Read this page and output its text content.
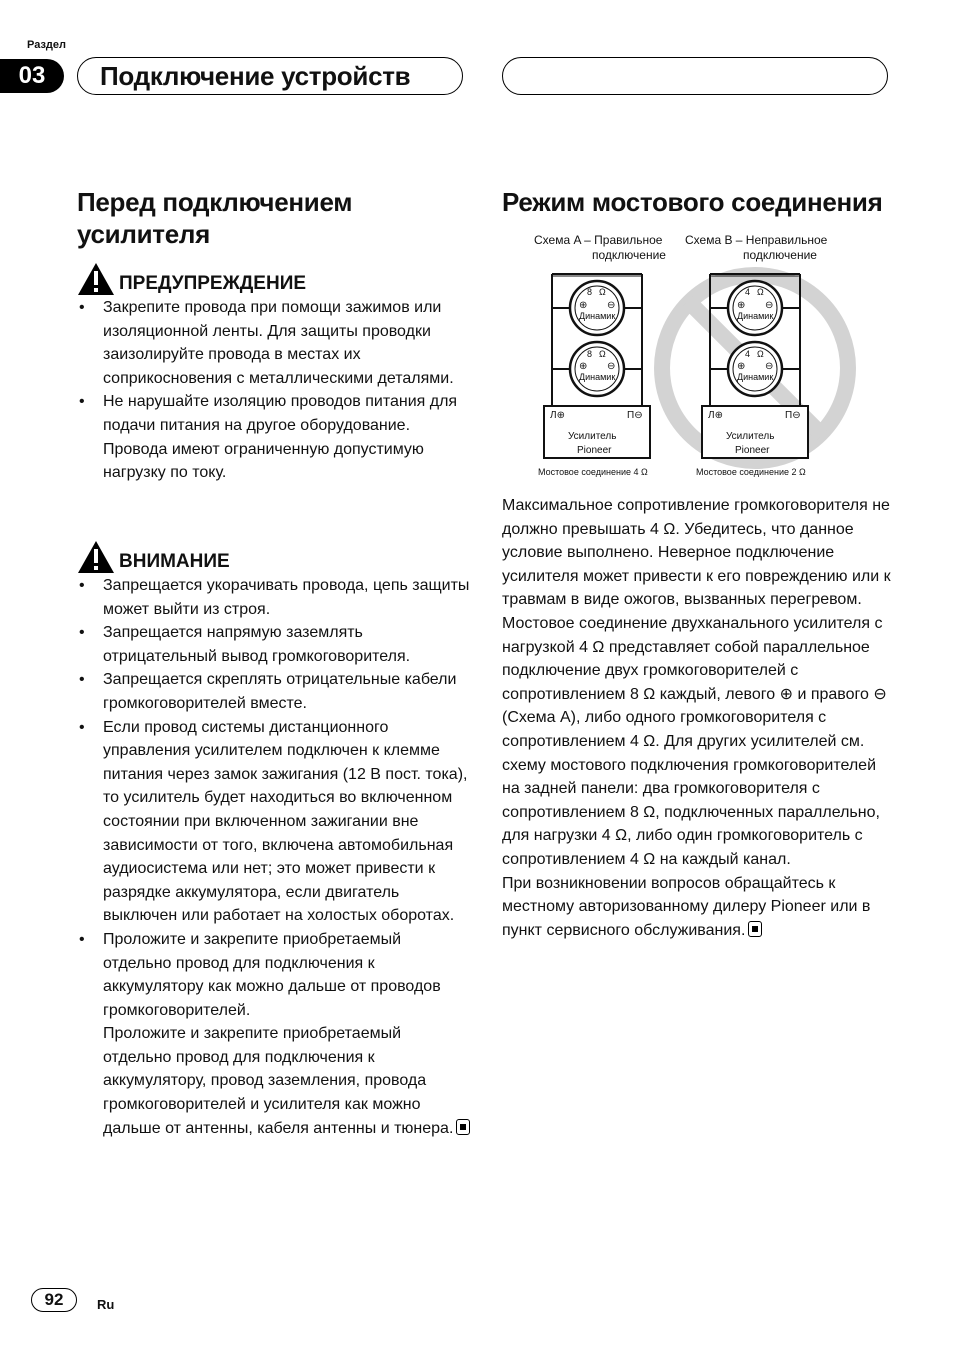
Раздел
03	Подключение устройств
Перед подключением
усилителя
ПРЕДУПРЕЖДЕНИЕ
• Закрепите провода при помощи зажимов или изоляционной ленты. Для защиты проводки заизолируйте провода в местах их соприкосновения с металлическими деталями.
• Не нарушайте изоляцию проводов питания для подачи питания на другое оборудование. Провода имеют ограниченную допустимую нагрузку по току.
ВНИМАНИЕ
• Запрещается укорачивать провода, цепь защиты может выйти из строя.
• Запрещается напрямую заземлять отрицательный вывод громкоговорителя.
• Запрещается скреплять отрицательные кабели громкоговорителей вместе.
• Если провод системы дистанционного управления усилителем подключен к клемме питания через замок зажигания (12 В пост. тока), то усилитель будет находиться во включенном состоянии при включенном зажигании вне зависимости от того, включена автомобильная аудиосистема или нет; это может привести к разрядке аккумулятора, если двигатель выключен или работает на холостых оборотах.
• Проложите и закрепите приобретаемый отдельно провод для подключения к аккумулятору как можно дальше от проводов громкоговорителей.
Проложите и закрепите приобретаемый отдельно провод для подключения к аккумулятору, провод заземления, провода громкоговорителей и усилителя как можно дальше от антенны, кабеля антенны и тюнера.
Режим мостового соединения
Схема A – Правильное
подключение
Схема B – Неправильное
подключение
8 Ω
⊕ ⊖
Динамик
8 Ω
⊕ ⊖
Динамик
Л⊕	П⊖
Усилитель
Pioneer
Мостовое соединение 4 Ω
4 Ω
⊕ ⊖
Динамик
4 Ω
⊕ ⊖
Динамик
Л⊕	П⊖
Усилитель
Pioneer
Мостовое соединение 2 Ω

Максимальное сопротивление громкоговорителя не должно превышать 4 Ω. Убедитесь, что данное условие выполнено. Неверное подключение усилителя может привести к его повреждению или к травмам в виде ожогов, вызванных перегревом.

Мостовое соединение двухканального усилителя с нагрузкой 4 Ω представляет собой параллельное подключение двух громкоговорителей с сопротивлением 8 Ω каждый, левого ⊕ и правого ⊖ (Схема A), либо одного громкоговорителя с сопротивлением 4 Ω. Для других усилителей см. схему мостового подключения громкоговорителей на задней панели: два громкоговорителя с сопротивлением 8 Ω, подключенных параллельно, для нагрузки 4 Ω, либо один громкоговоритель с сопротивлением 4 Ω на каждый канал.

При возникновении вопросов обращайтесь к местному авторизованному дилеру Pioneer или в пункт сервисного обслуживания.

92	Ru
